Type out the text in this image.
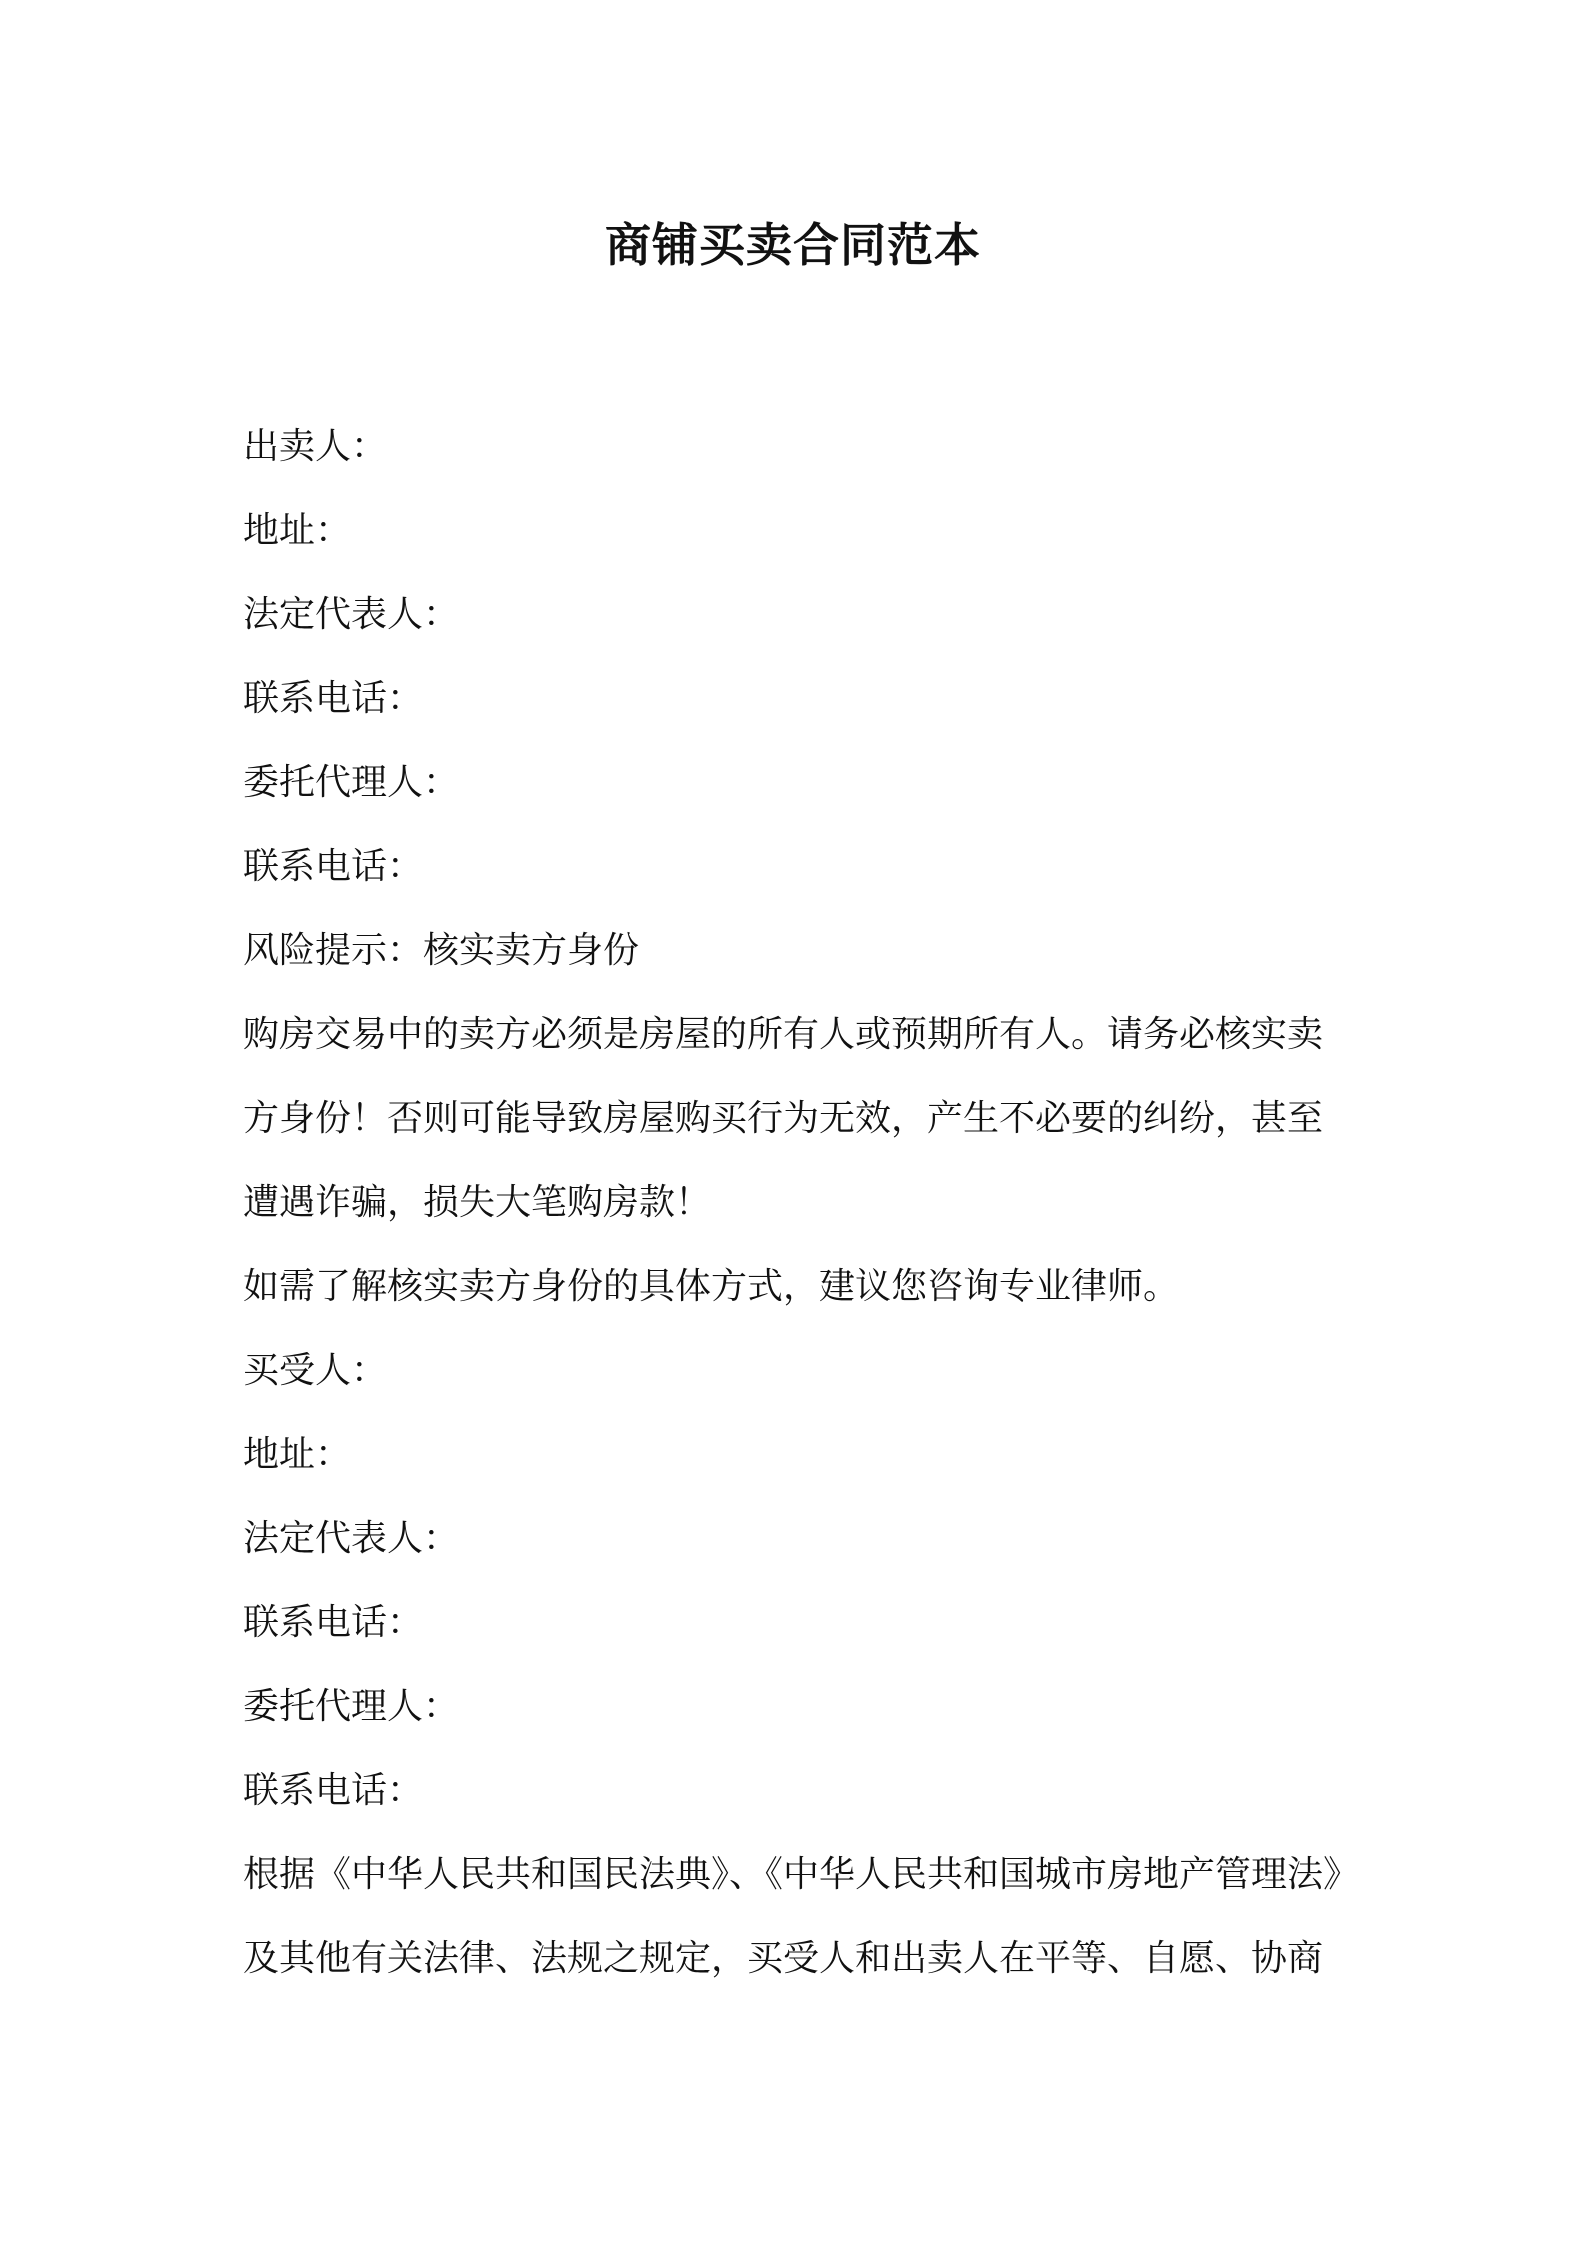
商铺买卖合同范本
出卖人：
地址：
法定代表人：
联系电话：
委托代理人：
联系电话：
风险提示：核实卖方身份
购房交易中的卖方必须是房屋的所有人或预期所有人。请务必核实卖
方身份！否则可能导致房屋购买行为无效，产生不必要的纠纷，甚至
遭遇诈骗，损失大笔购房款！
如需了解核实卖方身份的具体方式，建议您咨询专业律师。
买受人：
地址：
法定代表人：
联系电话：
委托代理人：
联系电话：
根据《中华人民共和国民法典》、《中华人民共和国城市房地产管理法》
及其他有关法律、法规之规定，买受人和出卖人在平等、自愿、协商
